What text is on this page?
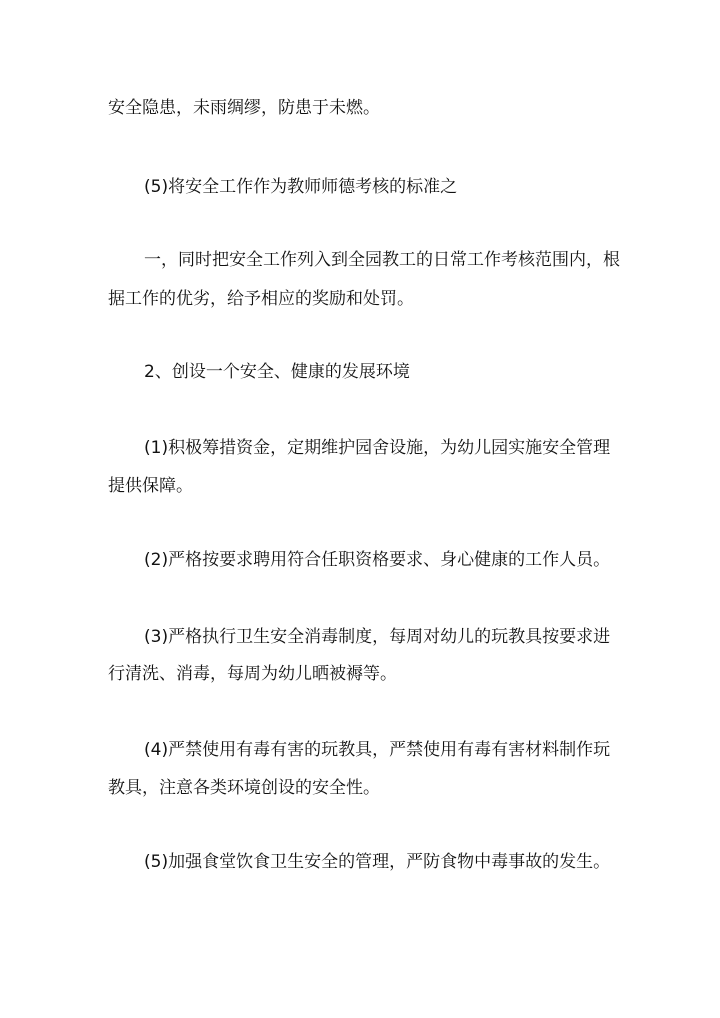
安全隐患，未雨绸缪，防患于未燃。
(5)将安全工作作为教师师德考核的标准之
一，同时把安全工作列入到全园教工的日常工作考核范围内，根
据工作的优劣，给予相应的奖励和处罚。
2、创设一个安全、健康的发展环境
(1)积极筹措资金，定期维护园舍设施，为幼儿园实施安全管理
提供保障。
(2)严格按要求聘用符合任职资格要求、身心健康的工作人员。
(3)严格执行卫生安全消毒制度，每周对幼儿的玩教具按要求进
行清洗、消毒，每周为幼儿晒被褥等。
(4)严禁使用有毒有害的玩教具，严禁使用有毒有害材料制作玩
教具，注意各类环境创设的安全性。
(5)加强食堂饮食卫生安全的管理，严防食物中毒事故的发生。
